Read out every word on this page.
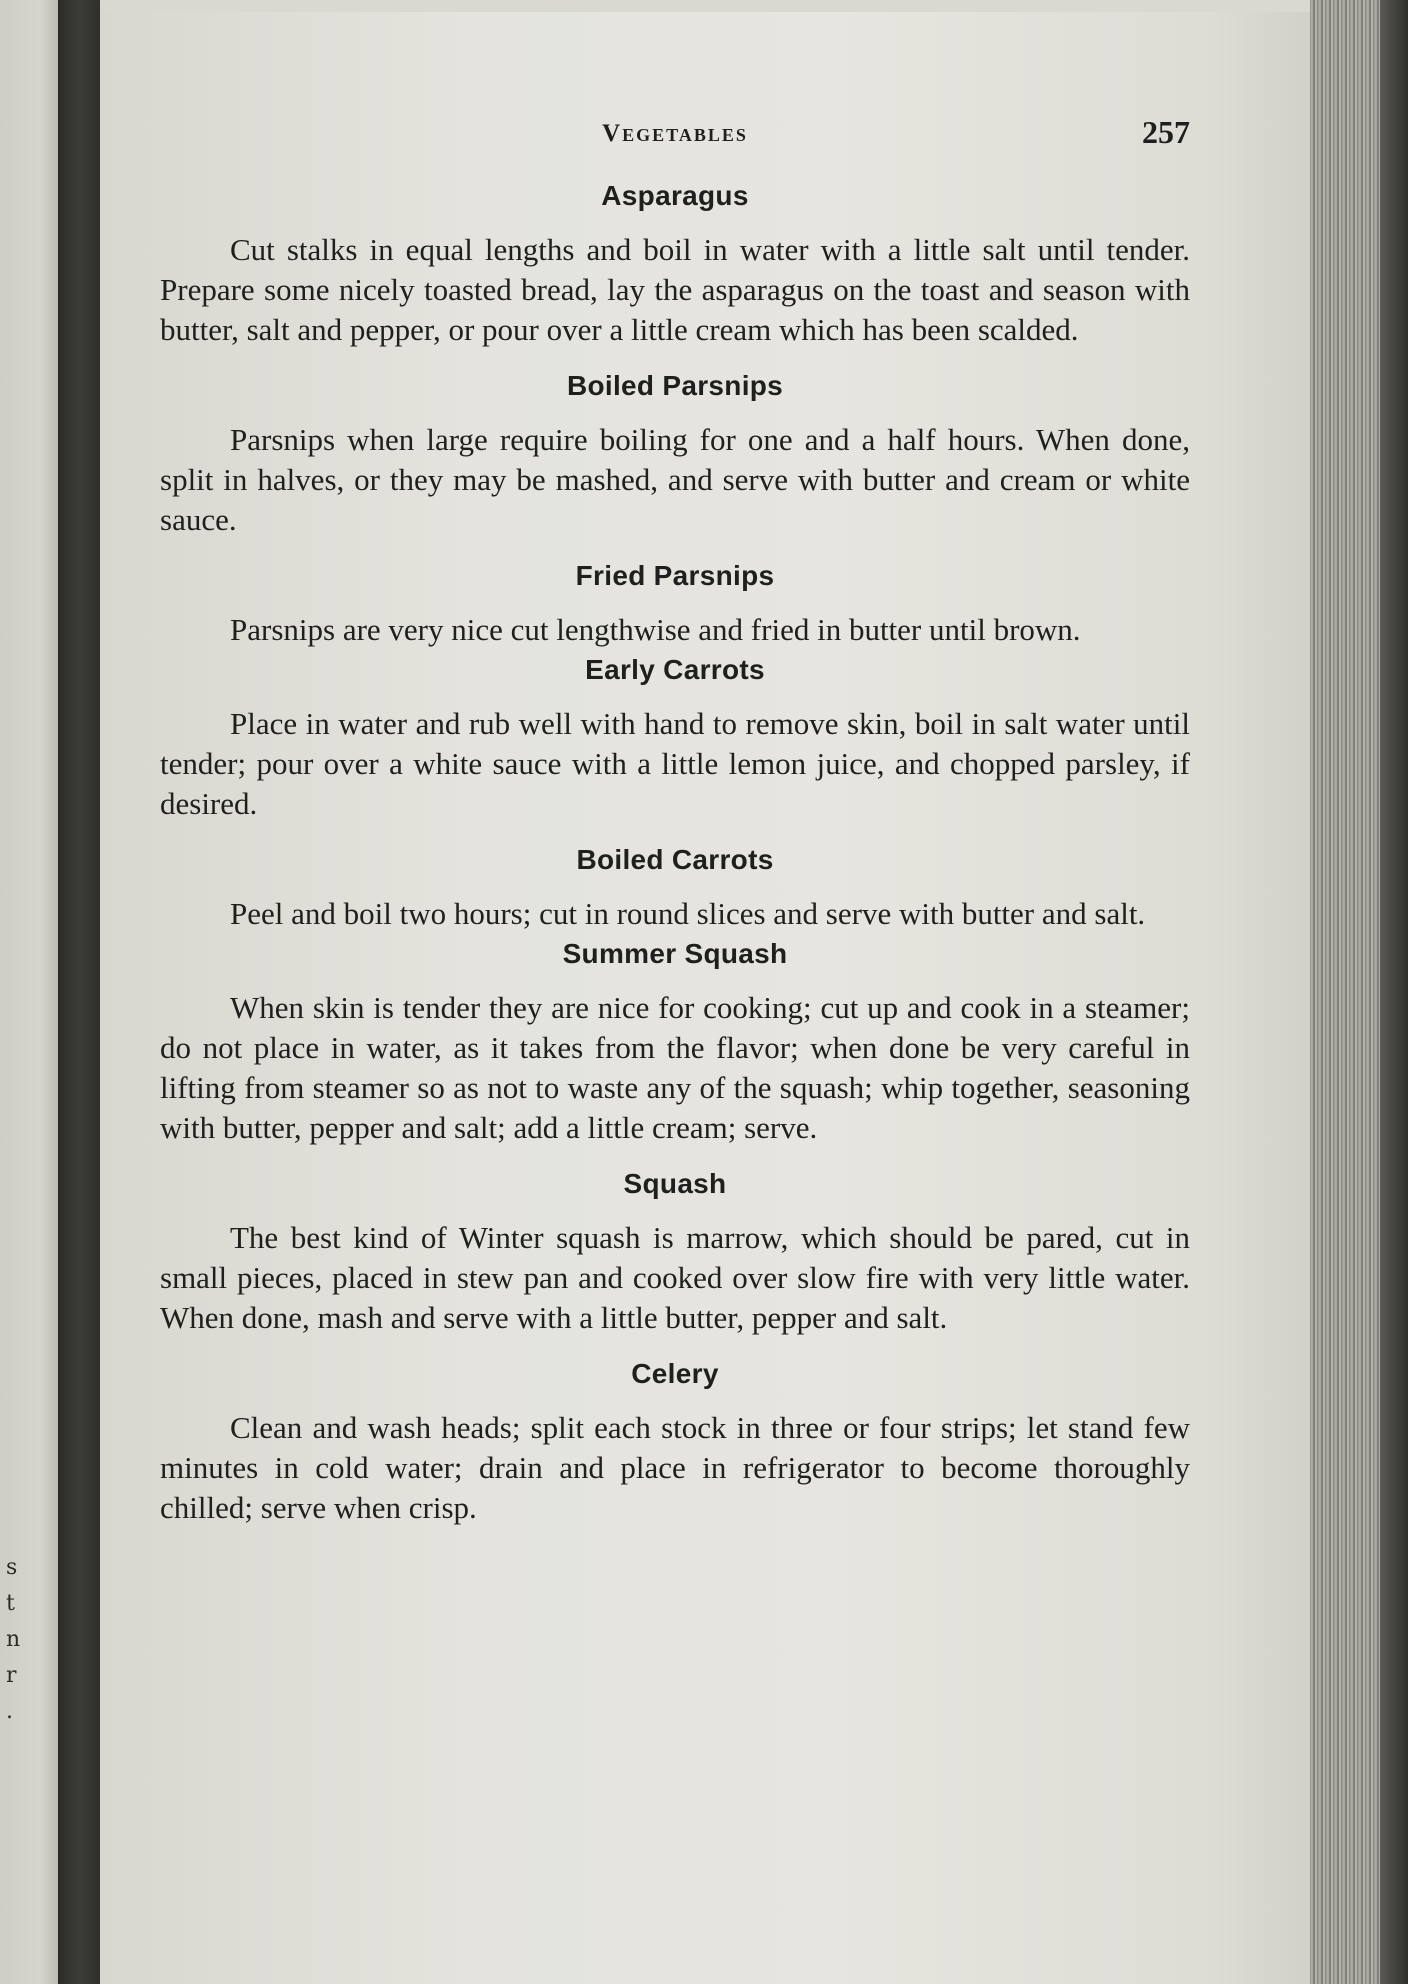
s
t
n
r
.
Vegetables	257
Asparagus

Cut stalks in equal lengths and boil in water with a little salt until tender. Prepare some nicely toasted bread, lay the asparagus on the toast and season with butter, salt and pepper, or pour over a little cream which has been scalded.

Boiled Parsnips

Parsnips when large require boiling for one and a half hours. When done, split in halves, or they may be mashed, and serve with butter and cream or white sauce.

Fried Parsnips

Parsnips are very nice cut lengthwise and fried in butter until brown.

Early Carrots

Place in water and rub well with hand to remove skin, boil in salt water until tender; pour over a white sauce with a little lemon juice, and chopped parsley, if desired.

Boiled Carrots

Peel and boil two hours; cut in round slices and serve with butter and salt.

Summer Squash

When skin is tender they are nice for cooking; cut up and cook in a steamer; do not place in water, as it takes from the flavor; when done be very careful in lifting from steamer so as not to waste any of the squash; whip together, seasoning with butter, pepper and salt; add a little cream; serve.

Squash

The best kind of Winter squash is marrow, which should be pared, cut in small pieces, placed in stew pan and cooked over slow fire with very little water. When done, mash and serve with a little butter, pepper and salt.

Celery

Clean and wash heads; split each stock in three or four strips; let stand few minutes in cold water; drain and place in refrigerator to become thoroughly chilled; serve when crisp.
